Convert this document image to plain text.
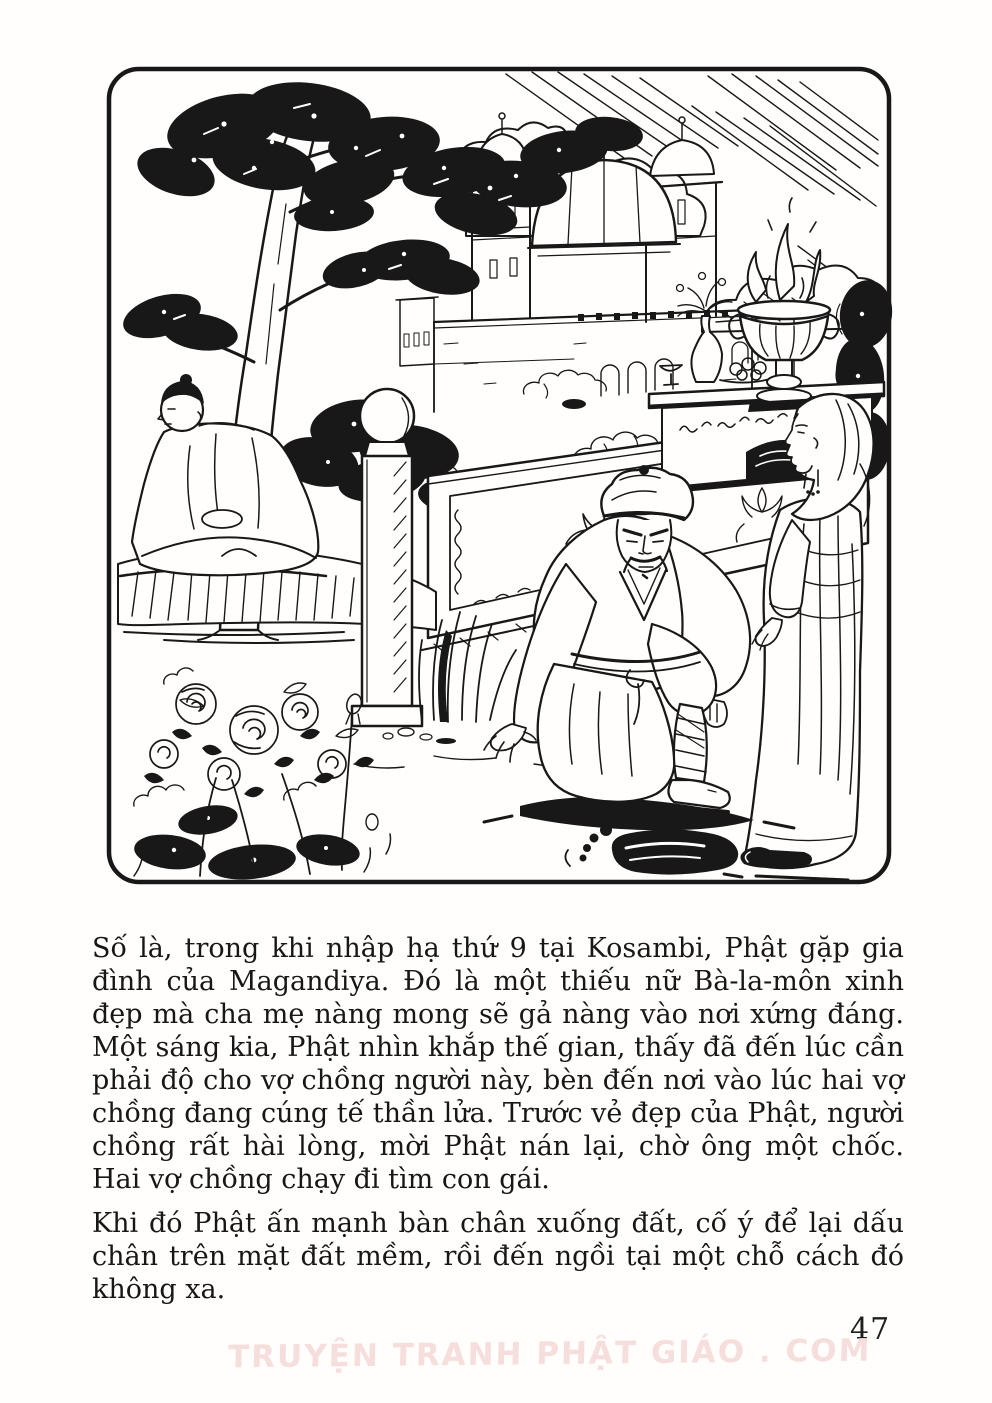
Số là, trong khi nhập hạ thứ 9 tại Kosambi, Phật gặp gia đình của Magandiya. Đó là một thiếu nữ Bà-la-môn xinh đẹp mà cha mẹ nàng mong sẽ gả nàng vào nơi xứng đáng. Một sáng kia, Phật nhìn khắp thế gian, thấy đã đến lúc cần phải độ cho vợ chồng người này, bèn đến nơi vào lúc hai vợ chồng đang cúng tế thần lửa. Trước vẻ đẹp của Phật, người chồng rất hài lòng, mời Phật nán lại, chờ ông một chốc. Hai vợ chồng chạy đi tìm con gái.

Khi đó Phật ấn mạnh bàn chân xuống đất, cố ý để lại dấu chân trên mặt đất mềm, rồi đến ngồi tại một chỗ cách đó không xa.

47
TRUYỆN TRANH PHẬT GIÁO . COM
